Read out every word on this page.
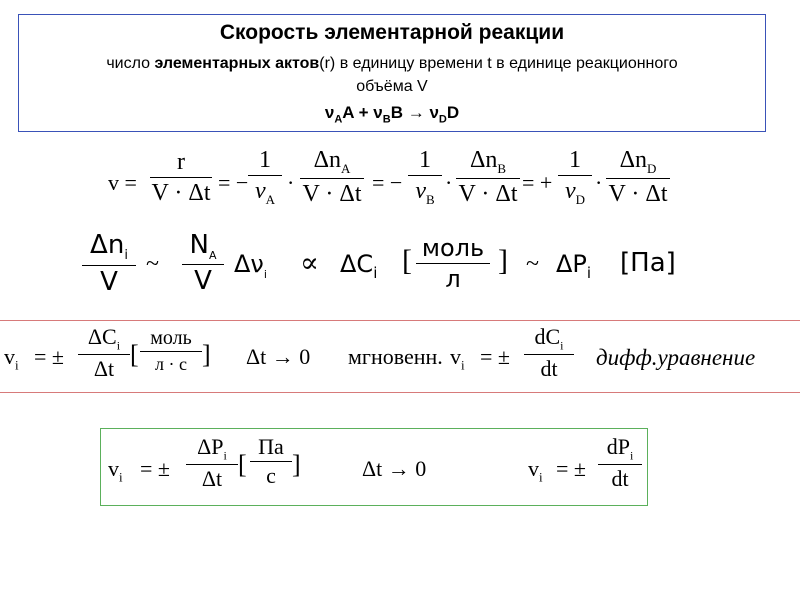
Скорость элементарной реакции
число элементарных актов(r) в единицу времени t в единице реакционного
объёма V
$\nu_AA + \nu_BB \to \nu_DD$
v =
r
V · Δt = −
1
$\nu_A$
·
$\Delta n_A$
V · Δt = −
1
$\nu_B$
·
$\Delta n_B$
V · Δt = +
1
$\nu_D$
·
$\Delta n_D$
V · Δt
$\Delta n_i$
V
~
$N_A$
V
$\Delta\nu_i \propto \Delta C_i$ [ моль
л
] ~ $\Delta P_i$ [Па]
$v_i$ = ±
$\Delta C_i$
Δt [
моль
л · с ] Δt → 0 мгновенн. $v_i$ = ±
$dC_i$
dt	дифф.уравнение
$v_i$ = ±
$\Delta P_i$
Δt [
Па
с ]	Δt → 0	$v_i$ = ±
$dP_i$
dt
